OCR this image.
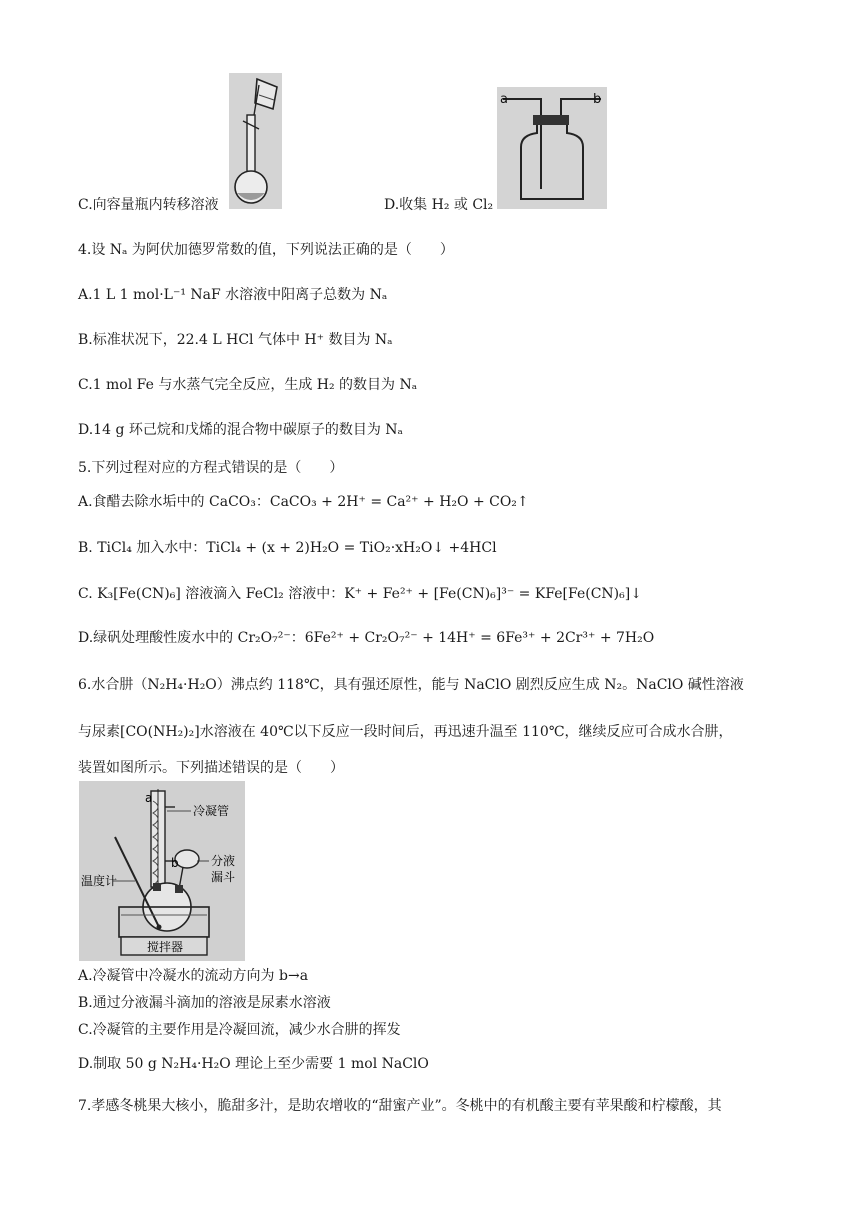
C.向容量瓶内转移溶液
a	b
D.收集 H₂ 或 Cl₂
4.设 Nₐ 为阿伏加德罗常数的值，下列说法正确的是（　　）
A.1 L 1 mol·L⁻¹ NaF 水溶液中阳离子总数为 Nₐ
B.标准状况下，22.4 L HCl 气体中 H⁺ 数目为 Nₐ
C.1 mol Fe 与水蒸气完全反应，生成 H₂ 的数目为 Nₐ
D.14 g 环己烷和戊烯的混合物中碳原子的数目为 Nₐ
5.下列过程对应的方程式错误的是（　　）
A.食醋去除水垢中的 CaCO₃：CaCO₃ + 2H⁺ = Ca²⁺ + H₂O + CO₂↑
B. TiCl₄ 加入水中：TiCl₄ + (x + 2)H₂O = TiO₂·xH₂O↓ +4HCl
C. K₃[Fe(CN)₆] 溶液滴入 FeCl₂ 溶液中：K⁺ + Fe²⁺ + [Fe(CN)₆]³⁻ = KFe[Fe(CN)₆]↓
D.绿矾处理酸性废水中的 Cr₂O₇²⁻：6Fe²⁺ + Cr₂O₇²⁻ + 14H⁺ = 6Fe³⁺ + 2Cr³⁺ + 7H₂O
6.水合肼（N₂H₄·H₂O）沸点约 118℃，具有强还原性，能与 NaClO 剧烈反应生成 N₂。NaClO 碱性溶液
与尿素[CO(NH₂)₂]水溶液在 40℃以下反应一段时间后，再迅速升温至 110℃，继续反应可合成水合肼，
装置如图所示。下列描述错误的是（　　）
a
b
冷凝管
分液
漏斗
温度计
搅拌器
A.冷凝管中冷凝水的流动方向为 b→a
B.通过分液漏斗滴加的溶液是尿素水溶液
C.冷凝管的主要作用是冷凝回流，减少水合肼的挥发
D.制取 50 g N₂H₄·H₂O 理论上至少需要 1 mol NaClO
7.孝感冬桃果大核小，脆甜多汁，是助农增收的“甜蜜产业”。冬桃中的有机酸主要有苹果酸和柠檬酸，其
